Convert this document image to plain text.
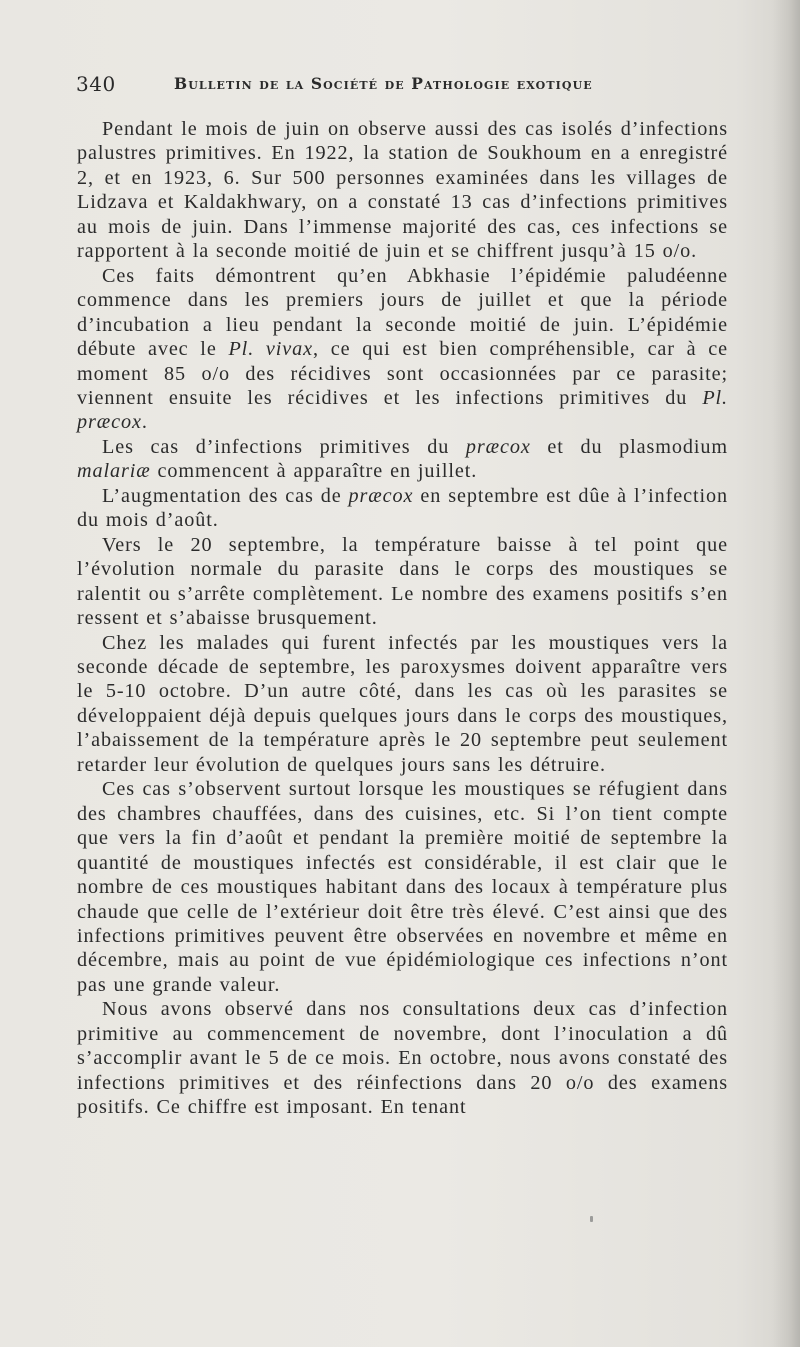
340	Bulletin de la Société de Pathologie exotique

Pendant le mois de juin on observe aussi des cas isolés d’infections palustres primitives. En 1922, la station de Soukhoum en a enregistré 2, et en 1923, 6. Sur 500 personnes examinées dans les villages de Lidzava et Kaldakhwary, on a constaté 13 cas d’infections primitives au mois de juin. Dans l’immense majorité des cas, ces infections se rapportent à la seconde moitié de juin et se chiffrent jusqu’à 15 o/o.

Ces faits démontrent qu’en Abkhasie l’épidémie paludéenne commence dans les premiers jours de juillet et que la période d’incubation a lieu pendant la seconde moitié de juin. L’épidémie débute avec le Pl. vivax, ce qui est bien compréhensible, car à ce moment 85 o/o des récidives sont occasionnées par ce parasite; viennent ensuite les récidives et les infections primitives du Pl. præcox.

Les cas d’infections primitives du præcox et du plasmodium malariæ commencent à apparaître en juillet.

L’augmentation des cas de præcox en septembre est dûe à l’infection du mois d’août.

Vers le 20 septembre, la température baisse à tel point que l’évolution normale du parasite dans le corps des moustiques se ralentit ou s’arrête complètement. Le nombre des examens positifs s’en ressent et s’abaisse brusquement.

Chez les malades qui furent infectés par les moustiques vers la seconde décade de septembre, les paroxysmes doivent apparaître vers le 5-10 octobre. D’un autre côté, dans les cas où les parasites se développaient déjà depuis quelques jours dans le corps des moustiques, l’abaissement de la température après le 20 septembre peut seulement retarder leur évolution de quelques jours sans les détruire.

Ces cas s’observent surtout lorsque les moustiques se réfugient dans des chambres chauffées, dans des cuisines, etc. Si l’on tient compte que vers la fin d’août et pendant la première moitié de septembre la quantité de moustiques infectés est considérable, il est clair que le nombre de ces moustiques habitant dans des locaux à température plus chaude que celle de l’extérieur doit être très élevé. C’est ainsi que des infections primitives peuvent être observées en novembre et même en décembre, mais au point de vue épidémiologique ces infections n’ont pas une grande valeur.

Nous avons observé dans nos consultations deux cas d’infection primitive au commencement de novembre, dont l’inoculation a dû s’accomplir avant le 5 de ce mois. En octobre, nous avons constaté des infections primitives et des réinfections dans 20 o/o des examens positifs. Ce chiffre est imposant. En tenant
